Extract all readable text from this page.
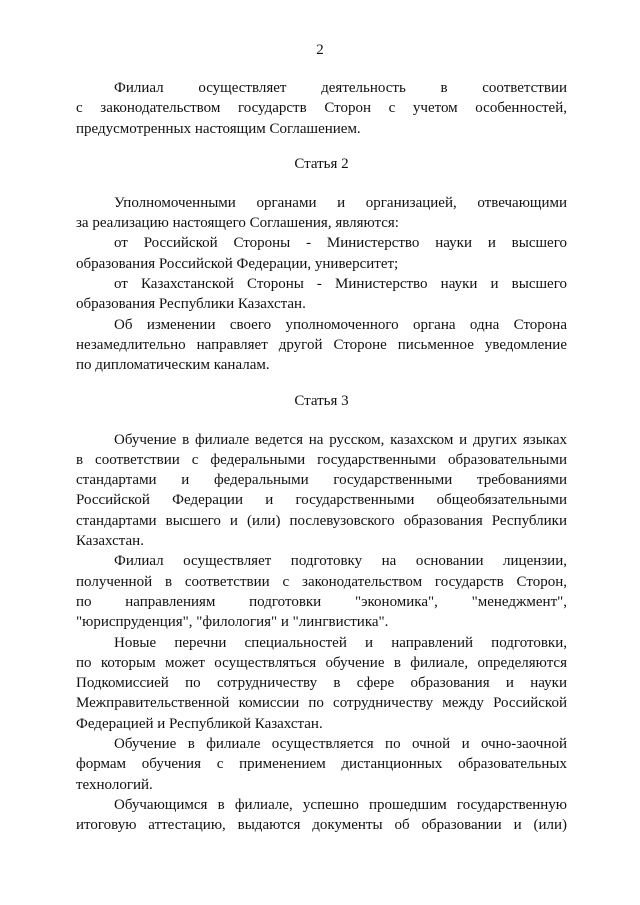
2
Филиал осуществляет деятельность в соответствии
с законодательством государств Сторон с учетом особенностей,
предусмотренных настоящим Соглашением.
Статья 2
Уполномоченными органами и организацией, отвечающими
за реализацию настоящего Соглашения, являются:
от Российской Стороны - Министерство науки и высшего
образования Российской Федерации, университет;
от Казахстанской Стороны - Министерство науки и высшего
образования Республики Казахстан.
Об изменении своего уполномоченного органа одна Сторона
незамедлительно направляет другой Стороне письменное уведомление
по дипломатическим каналам.
Статья 3
Обучение в филиале ведется на русском, казахском и других языках
в соответствии с федеральными государственными образовательными
стандартами и федеральными государственными требованиями
Российской Федерации и государственными общеобязательными
стандартами высшего и (или) послевузовского образования Республики
Казахстан.
Филиал осуществляет подготовку на основании лицензии,
полученной в соответствии с законодательством государств Сторон,
по направлениям подготовки "экономика", "менеджмент",
"юриспруденция", "филология" и "лингвистика".
Новые перечни специальностей и направлений подготовки,
по которым может осуществляться обучение в филиале, определяются
Подкомиссией по сотрудничеству в сфере образования и науки
Межправительственной комиссии по сотрудничеству между Российской
Федерацией и Республикой Казахстан.
Обучение в филиале осуществляется по очной и очно-заочной
формам обучения с применением дистанционных образовательных
технологий.
Обучающимся в филиале, успешно прошедшим государственную
итоговую аттестацию, выдаются документы об образовании и (или)
